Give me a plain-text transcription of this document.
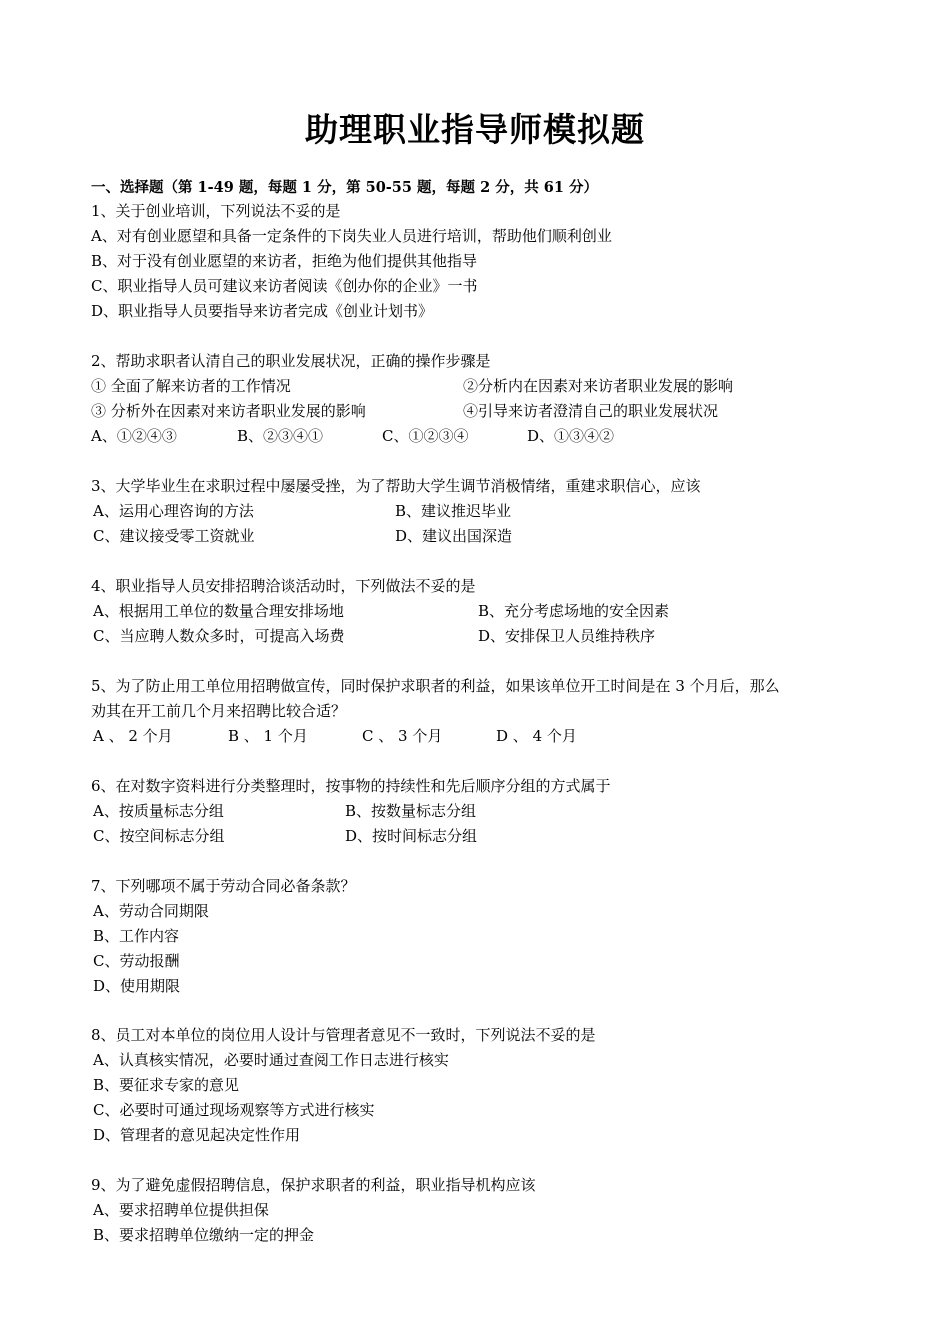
助理职业指导师模拟题
一、选择题（第 1-49 题，每题 1 分，第 50-55 题，每题 2 分，共 61 分）
1、关于创业培训，下列说法不妥的是
A、对有创业愿望和具备一定条件的下岗失业人员进行培训，帮助他们顺利创业
B、对于没有创业愿望的来访者，拒绝为他们提供其他指导
C、职业指导人员可建议来访者阅读《创办你的企业》一书
D、职业指导人员要指导来访者完成《创业计划书》
2、帮助求职者认清自己的职业发展状况，正确的操作步骤是
① 全面了解来访者的工作情况	②分析内在因素对来访者职业发展的影响
③ 分析外在因素对来访者职业发展的影响	④引导来访者澄清自己的职业发展状况
A、①②④③	B、②③④①	C、①②③④	D、①③④②
3、大学毕业生在求职过程中屡屡受挫，为了帮助大学生调节消极情绪，重建求职信心，应该
A、运用心理咨询的方法	B、建议推迟毕业
C、建议接受零工资就业	D、建议出国深造
4、职业指导人员安排招聘洽谈活动时，下列做法不妥的是
A、根据用工单位的数量合理安排场地	B、充分考虑场地的安全因素
C、当应聘人数众多时，可提高入场费	D、安排保卫人员维持秩序
5、为了防止用工单位用招聘做宣传，同时保护求职者的利益，如果该单位开工时间是在 3 个月后，那么
劝其在开工前几个月来招聘比较合适？
A 、 2 个月	B 、 1 个月	C 、 3 个月	D 、 4 个月
6、在对数字资料进行分类整理时，按事物的持续性和先后顺序分组的方式属于
A、按质量标志分组	B、按数量标志分组
C、按空间标志分组	D、按时间标志分组
7、下列哪项不属于劳动合同必备条款？
A、劳动合同期限
B、工作内容
C、劳动报酬
D、使用期限
8、员工对本单位的岗位用人设计与管理者意见不一致时，下列说法不妥的是
A、认真核实情况，必要时通过查阅工作日志进行核实
B、要征求专家的意见
C、必要时可通过现场观察等方式进行核实
D、管理者的意见起决定性作用
9、为了避免虚假招聘信息，保护求职者的利益，职业指导机构应该
A、要求招聘单位提供担保
B、要求招聘单位缴纳一定的押金
